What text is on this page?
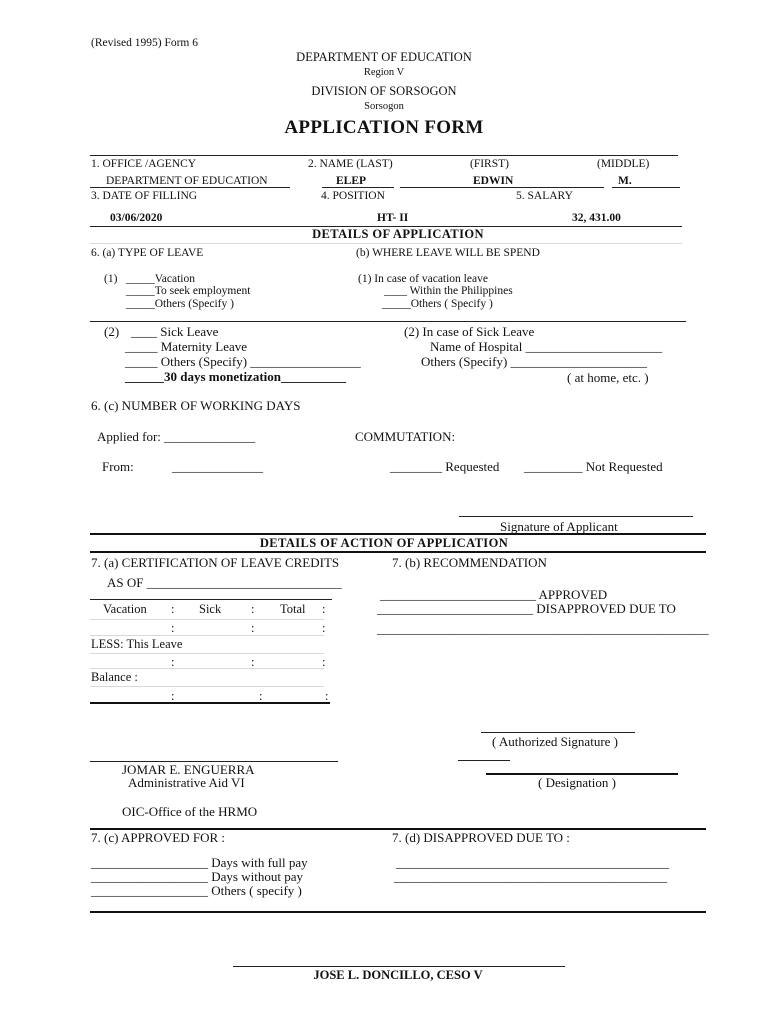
(Revised 1995) Form 6
DEPARTMENT OF EDUCATION
Region V
DIVISION OF SORSOGON
Sorsogon
APPLICATION FORM
1. OFFICE /AGENCY	2. NAME (LAST)	(FIRST)	(MIDDLE)
DEPARTMENT OF EDUCATION	ELEP	EDWIN	M.
3. DATE OF FILLING	4. POSITION	5. SALARY
03/06/2020	HT- II	32, 431.00
DETAILS OF APPLICATION
6. (a) TYPE OF LEAVE	(b) WHERE LEAVE WILL BE SPEND
(1) _____Vacation
_____To seek employment
_____Others (Specify )
(1) In case of vacation leave
____ Within the Philippines
_____Others ( Specify )
(2) ____ Sick Leave
_____ Maternity Leave
_____ Others (Specify) _________________
______30 days monetization__________
(2) In case of Sick Leave
Name of Hospital _____________________
Others (Specify) _____________________
( at home, etc. )
6. (c) NUMBER OF WORKING DAYS
Applied for: ______________	COMMUTATION:
From:	______________	________ Requested _________ Not Requested
Signature of Applicant
DETAILS OF ACTION OF APPLICATION
7. (a) CERTIFICATION OF LEAVE CREDITS	7. (b) RECOMMENDATION
AS OF ______________________________
Vacation : Sick : Total :
:	:	:
LESS: This Leave
:	:	:
Balance :
:	:	:
________________________ APPROVED
________________________ DISAPPROVED DUE TO
___________________________________________________
( Authorized Signature )
( Designation )
JOMAR E. ENGUERRA
Administrative Aid VI
OIC-Office of the HRMO
7. (c) APPROVED FOR :	7. (d) DISAPPROVED DUE TO :
__________________ Days with full pay
__________________ Days without pay
__________________ Others ( specify )
__________________________________________
__________________________________________
JOSE L. DONCILLO, CESO V
